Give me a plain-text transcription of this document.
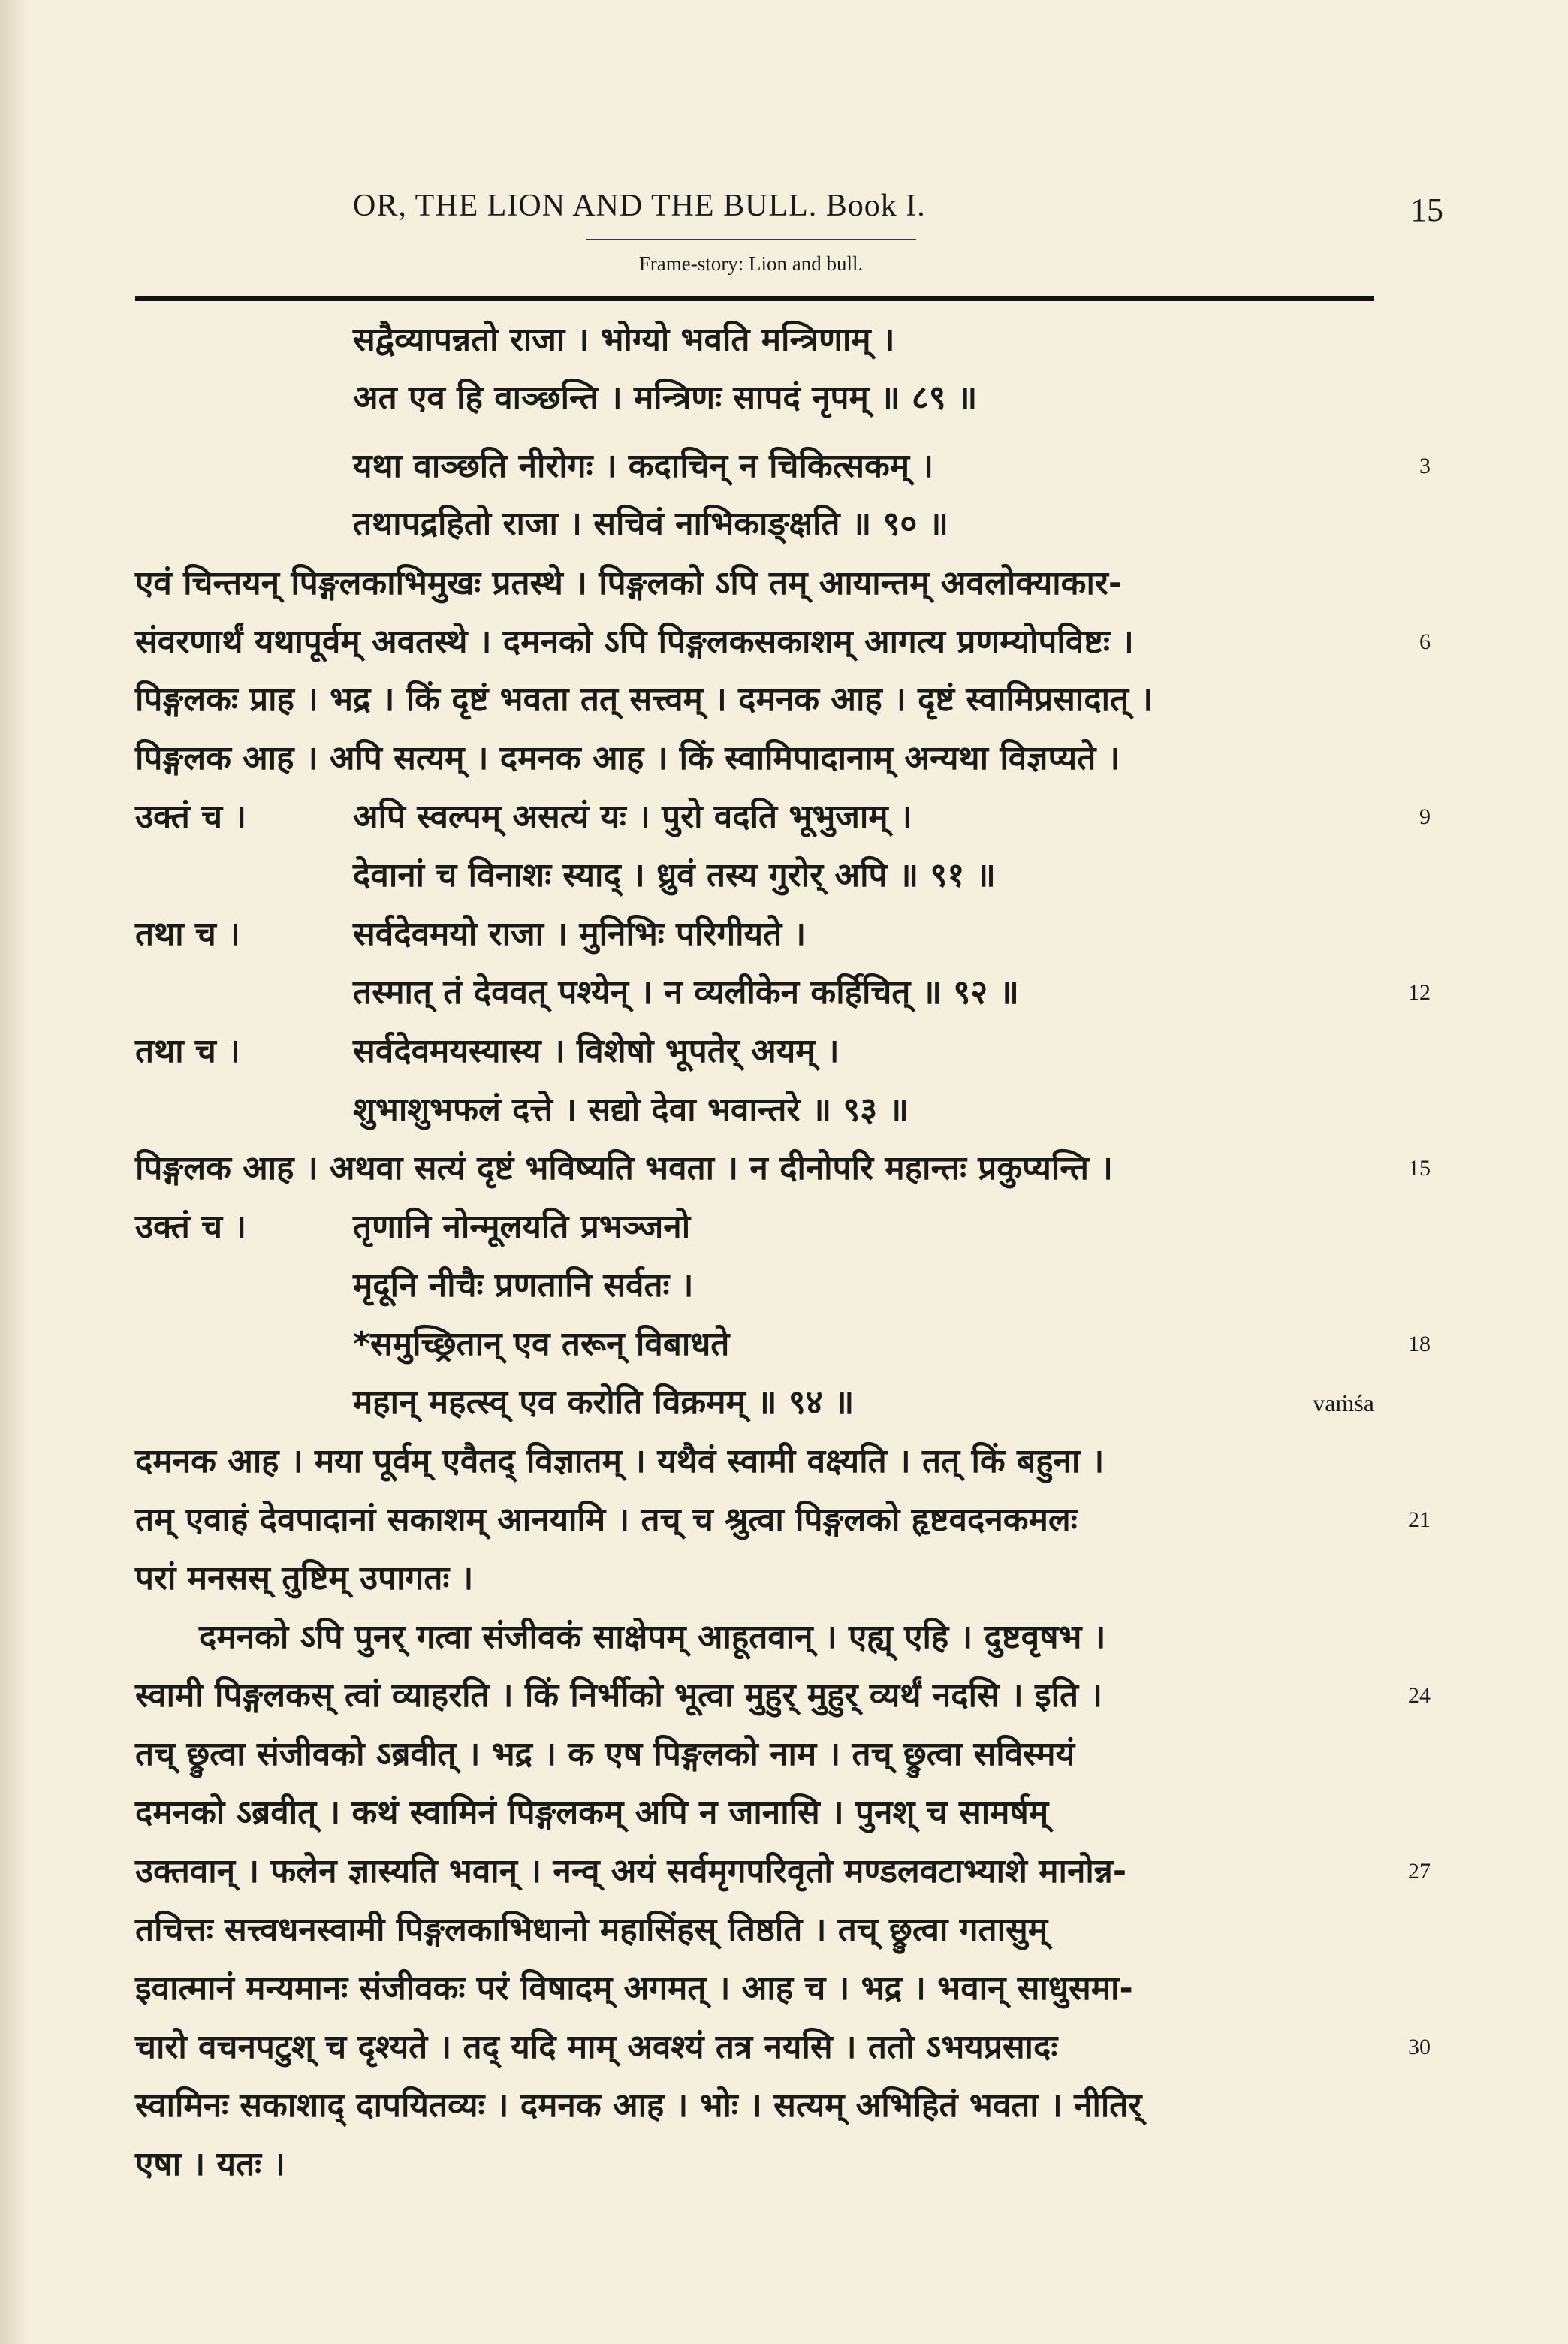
OR, THE LION AND THE BULL. Book I.	15
Frame-story: Lion and bull.
सद्वैव्यापन्नतो राजा । भोग्यो भवति मन्त्रिणाम् ।
अत एव हि वाञ्छन्ति । मन्त्रिणः सापदं नृपम् ॥ ८९ ॥
यथा वाञ्छति नीरोगः । कदाचिन् न चिकित्सकम् ।	3
तथापद्रहितो राजा । सचिवं नाभिकाङ्क्षति ॥ ९० ॥
एवं चिन्तयन् पिङ्गलकाभिमुखः प्रतस्थे । पिङ्गलको ऽपि तम् आयान्तम् अवलोक्याकार-
संवरणार्थं यथापूर्वम् अवतस्थे । दमनको ऽपि पिङ्गलकसकाशम् आगत्य प्रणम्योपविष्टः ।	6
पिङ्गलकः प्राह । भद्र । किं दृष्टं भवता तत् सत्त्वम् । दमनक आह । दृष्टं स्वामिप्रसादात् ।
पिङ्गलक आह । अपि सत्यम् । दमनक आह । किं स्वामिपादानाम् अन्यथा विज्ञप्यते ।
उक्तं च ।	अपि स्वल्पम् असत्यं यः । पुरो वदति भूभुजाम् ।	9
देवानां च विनाशः स्याद् । ध्रुवं तस्य गुरोर् अपि ॥ ९१ ॥
तथा च ।	सर्वदेवमयो राजा । मुनिभिः परिगीयते ।
तस्मात् तं देववत् पश्येन् । न व्यलीकेन कर्हिचित् ॥ ९२ ॥	12
तथा च ।	सर्वदेवमयस्यास्य । विशेषो भूपतेर् अयम् ।
शुभाशुभफलं दत्ते । सद्यो देवा भवान्तरे ॥ ९३ ॥
पिङ्गलक आह । अथवा सत्यं दृष्टं भविष्यति भवता । न दीनोपरि महान्तः प्रकुप्यन्ति ।	15
उक्तं च ।	तृणानि नोन्मूलयति प्रभञ्जनो
मृदूनि नीचैः प्रणतानि सर्वतः ।
*समुच्छ्रितान् एव तरून् विबाधते	18
महान् महत्स्व् एव करोति विक्रमम् ॥ ९४ ॥	vaṁśa
दमनक आह । मया पूर्वम् एवैतद् विज्ञातम् । यथैवं स्वामी वक्ष्यति । तत् किं बहुना ।
तम् एवाहं देवपादानां सकाशम् आनयामि । तच् च श्रुत्वा पिङ्गलको हृष्टवदनकमलः	21
परां मनसस् तुष्टिम् उपागतः ।
दमनको ऽपि पुनर् गत्वा संजीवकं साक्षेपम् आहूतवान् । एह्य् एहि । दुष्टवृषभ ।
स्वामी पिङ्गलकस् त्वां व्याहरति । किं निर्भीको भूत्वा मुहुर् मुहुर् व्यर्थं नदसि । इति ।	24
तच् छ्रुत्वा संजीवको ऽब्रवीत् । भद्र । क एष पिङ्गलको नाम । तच् छ्रुत्वा सविस्मयं
दमनको ऽब्रवीत् । कथं स्वामिनं पिङ्गलकम् अपि न जानासि । पुनश् च सामर्षम्
उक्तवान् । फलेन ज्ञास्यति भवान् । नन्व् अयं सर्वमृगपरिवृतो मण्डलवटाभ्याशे मानोन्न-	27
तचित्तः सत्त्वधनस्वामी पिङ्गलकाभिधानो महासिंहस् तिष्ठति । तच् छ्रुत्वा गतासुम्
इवात्मानं मन्यमानः संजीवकः परं विषादम् अगमत् । आह च । भद्र । भवान् साधुसमा-
चारो वचनपटुश् च दृश्यते । तद् यदि माम् अवश्यं तत्र नयसि । ततो ऽभयप्रसादः	30
स्वामिनः सकाशाद् दापयितव्यः । दमनक आह । भोः । सत्यम् अभिहितं भवता । नीतिर्
एषा । यतः ।
